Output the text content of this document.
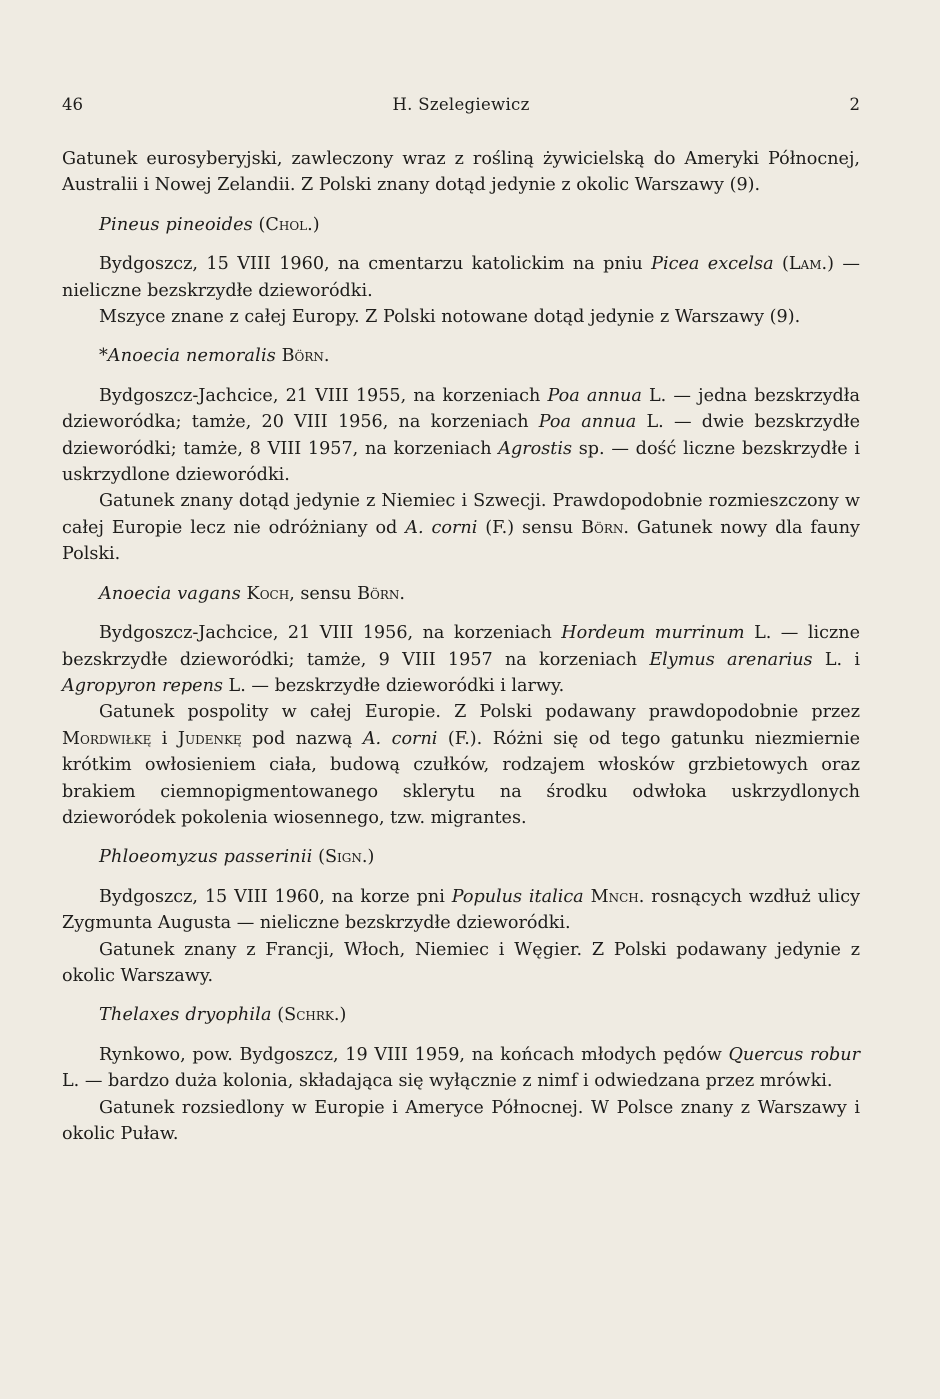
46	H. Szelegiewicz	2

Gatunek eurosyberyjski, zawleczony wraz z rośliną żywicielską do Ameryki Północnej, Australii i Nowej Zelandii. Z Polski znany dotąd jedynie z okolic Warszawy (9).

Pineus pineoides (Chol.)

Bydgoszcz, 15 VIII 1960, na cmentarzu katolickim na pniu Picea excelsa (Lam.) — nieliczne bezskrzydłe dzieworódki.

Mszyce znane z całej Europy. Z Polski notowane dotąd jedynie z Warszawy (9).

*Anoecia nemoralis Börn.

Bydgoszcz-Jachcice, 21 VIII 1955, na korzeniach Poa annua L. — jedna bezskrzydła dzieworódka; tamże, 20 VIII 1956, na korzeniach Poa annua L. — dwie bezskrzydłe dzieworódki; tamże, 8 VIII 1957, na korzeniach Agrostis sp. — dość liczne bezskrzydłe i uskrzydlone dzieworódki.

Gatunek znany dotąd jedynie z Niemiec i Szwecji. Prawdopodobnie rozmieszczony w całej Europie lecz nie odróżniany od A. corni (F.) sensu Börn. Gatunek nowy dla fauny Polski.

Anoecia vagans Koch, sensu Börn.

Bydgoszcz-Jachcice, 21 VIII 1956, na korzeniach Hordeum murrinum L. — liczne bezskrzydłe dzieworódki; tamże, 9 VIII 1957 na korzeniach Elymus arenarius L. i Agropyron repens L. — bezskrzydłe dzieworódki i larwy.

Gatunek pospolity w całej Europie. Z Polski podawany prawdopodobnie przez Mordwiłkę i Judenkę pod nazwą A. corni (F.). Różni się od tego gatunku niezmiernie krótkim owłosieniem ciała, budową czułków, rodzajem włosków grzbietowych oraz brakiem ciemnopigmentowanego sklerytu na środku odwłoka uskrzydlonych dzieworódek pokolenia wiosennego, tzw. migrantes.

Phloeomyzus passerinii (Sign.)

Bydgoszcz, 15 VIII 1960, na korze pni Populus italica Mnch. rosnących wzdłuż ulicy Zygmunta Augusta — nieliczne bezskrzydłe dzieworódki.

Gatunek znany z Francji, Włoch, Niemiec i Węgier. Z Polski podawany jedynie z okolic Warszawy.

Thelaxes dryophila (Schrk.)

Rynkowo, pow. Bydgoszcz, 19 VIII 1959, na końcach młodych pędów Quercus robur L. — bardzo duża kolonia, składająca się wyłącznie z nimf i odwiedzana przez mrówki.

Gatunek rozsiedlony w Europie i Ameryce Północnej. W Polsce znany z Warszawy i okolic Puław.
